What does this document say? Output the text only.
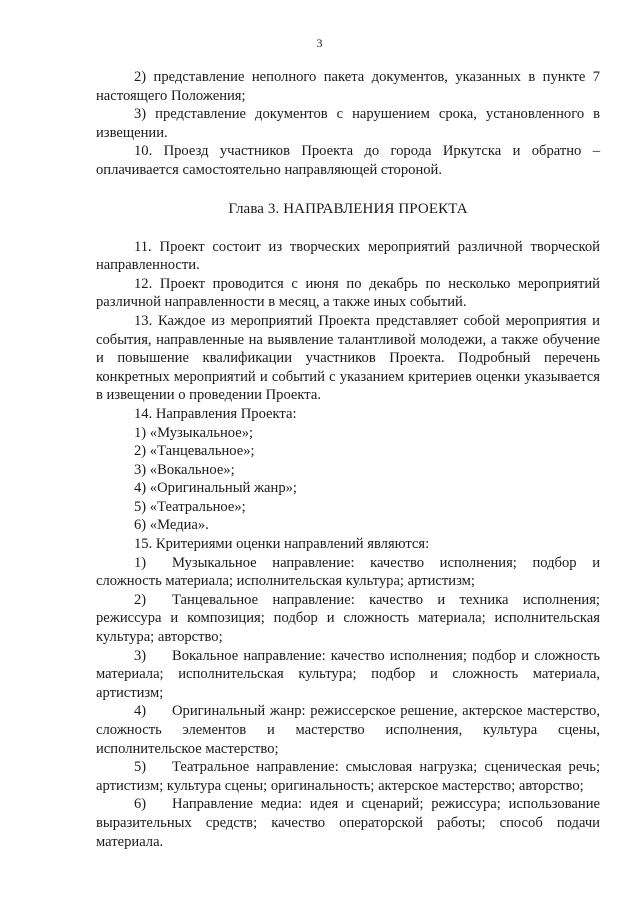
3

2) представление неполного пакета документов, указанных в пункте 7 настоящего Положения;

3) представление документов с нарушением срока, установленного в извещении.

10. Проезд участников Проекта до города Иркутска и обратно – оплачивается самостоятельно направляющей стороной.

Глава 3. НАПРАВЛЕНИЯ ПРОЕКТА

11. Проект состоит из творческих мероприятий различной творческой направленности.

12. Проект проводится с июня по декабрь по несколько мероприятий различной направленности в месяц, а также иных событий.

13. Каждое из мероприятий Проекта представляет собой мероприятия и события, направленные на выявление талантливой молодежи, а также обучение и повышение квалификации участников Проекта. Подробный перечень конкретных мероприятий и событий с указанием критериев оценки указывается в извещении о проведении Проекта.

14. Направления Проекта:

1) «Музыкальное»;

2) «Танцевальное»;

3) «Вокальное»;

4) «Оригинальный жанр»;

5) «Театральное»;

6) «Медиа».

15. Критериями оценки направлений являются:

1) Музыкальное направление: качество исполнения; подбор и сложность материала; исполнительская культура; артистизм;

2) Танцевальное направление: качество и техника исполнения; режиссура и композиция; подбор и сложность материала; исполнительская культура; авторство;

3) Вокальное направление: качество исполнения; подбор и сложность материала; исполнительская культура; подбор и сложность материала, артистизм;

4) Оригинальный жанр: режиссерское решение, актерское мастерство, сложность элементов и мастерство исполнения, культура сцены, исполнительское мастерство;

5) Театральное направление: смысловая нагрузка; сценическая речь; артистизм; культура сцены; оригинальность; актерское мастерство; авторство;

6) Направление медиа: идея и сценарий; режиссура; использование выразительных средств; качество операторской работы; способ подачи материала.
